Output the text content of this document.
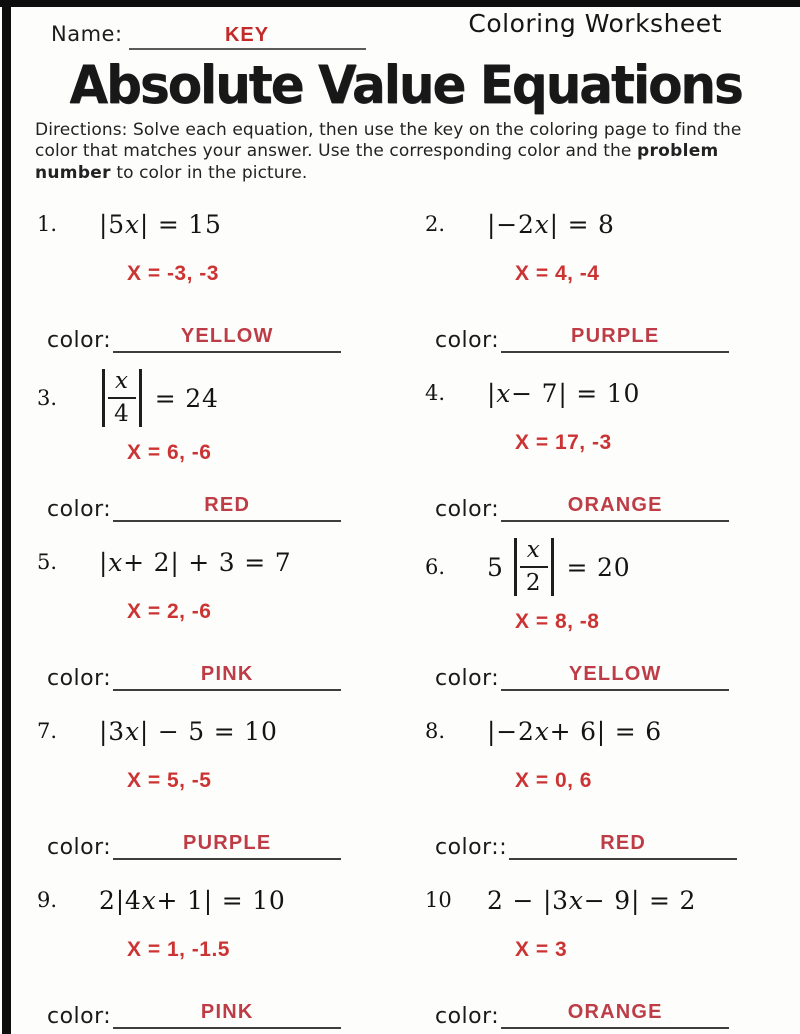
Coloring Worksheet
Name:	KEY
Absolute Value Equations
Directions: Solve each equation, then use the key on the coloring page to find the color that matches your answer. Use the corresponding color and the problem number to color in the picture.
1.	|5 x | = 15
X = -3, -3
color:	YELLOW
2.	|−2 x | = 8
X = 4, -4
color:	PURPLE
3.	$\frac{x}{4} = 24$
X = 6, -6
color:	RED
4.	| x − 7| = 10
X = 17, -3
color:	ORANGE
5.	| x + 2| + 3 = 7
X = 2, -6
color:	PINK
6.	$5 \frac{x}{2} = 20$
X = 8, -8
color:	YELLOW
7.	|3 x | − 5 = 10
X = 5, -5
color:	PURPLE
8.	|−2 x + 6| = 6
X = 0, 6
color::	RED
9.	2|4 x + 1| = 10
X = 1, -1.5
color:	PINK
10	2 − |3 x − 9| = 2
X = 3
color:	ORANGE
